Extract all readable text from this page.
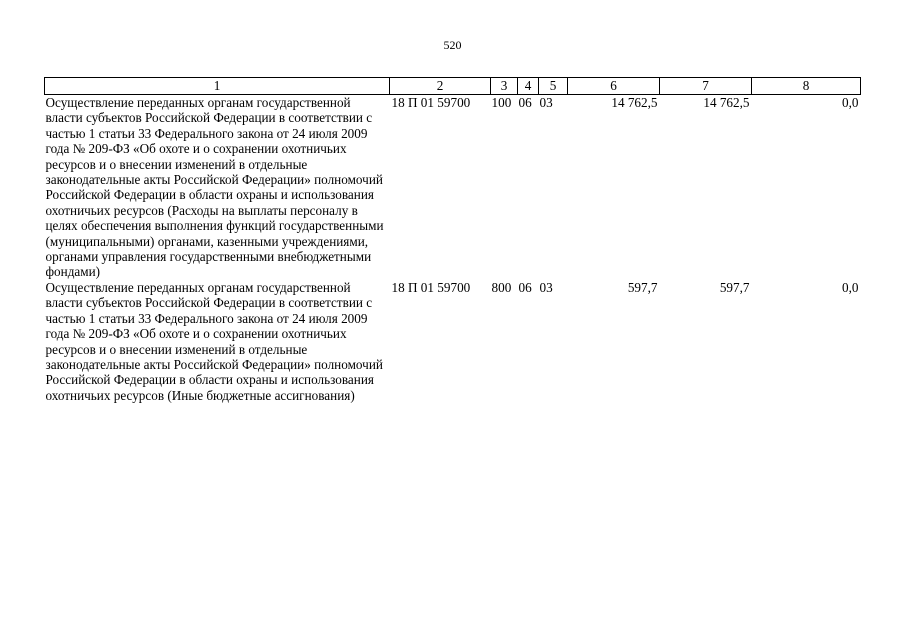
520
1	2	3	4	5	6	7	8
Осуществление переданных органам государственной власти субъектов Российской Федерации в соответствии с частью 1 статьи 33 Федерального закона от 24 июля 2009 года № 209-ФЗ «Об охоте и о сохранении охотничьих ресурсов и о внесении изменений в отдельные законодательные акты Российской Федерации» полномочий Российской Федерации в области охраны и использования охотничьих ресурсов (Расходы на выплаты персоналу в целях обеспечения выполнения функций государственными (муниципальными) органами, казенными учреждениями, органами управления государственными внебюджетными фондами)	18 П 01 59700	100	06	03	14 762,5	14 762,5	0,0
Осуществление переданных органам государственной власти субъектов Российской Федерации в соответствии с частью 1 статьи 33 Федерального закона от 24 июля 2009 года № 209-ФЗ «Об охоте и о сохранении охотничьих ресурсов и о внесении изменений в отдельные законодательные акты Российской Федерации» полномочий Российской Федерации в области охраны и использования охотничьих ресурсов (Иные бюджетные ассигнования)	18 П 01 59700	800	06	03	597,7	597,7	0,0
